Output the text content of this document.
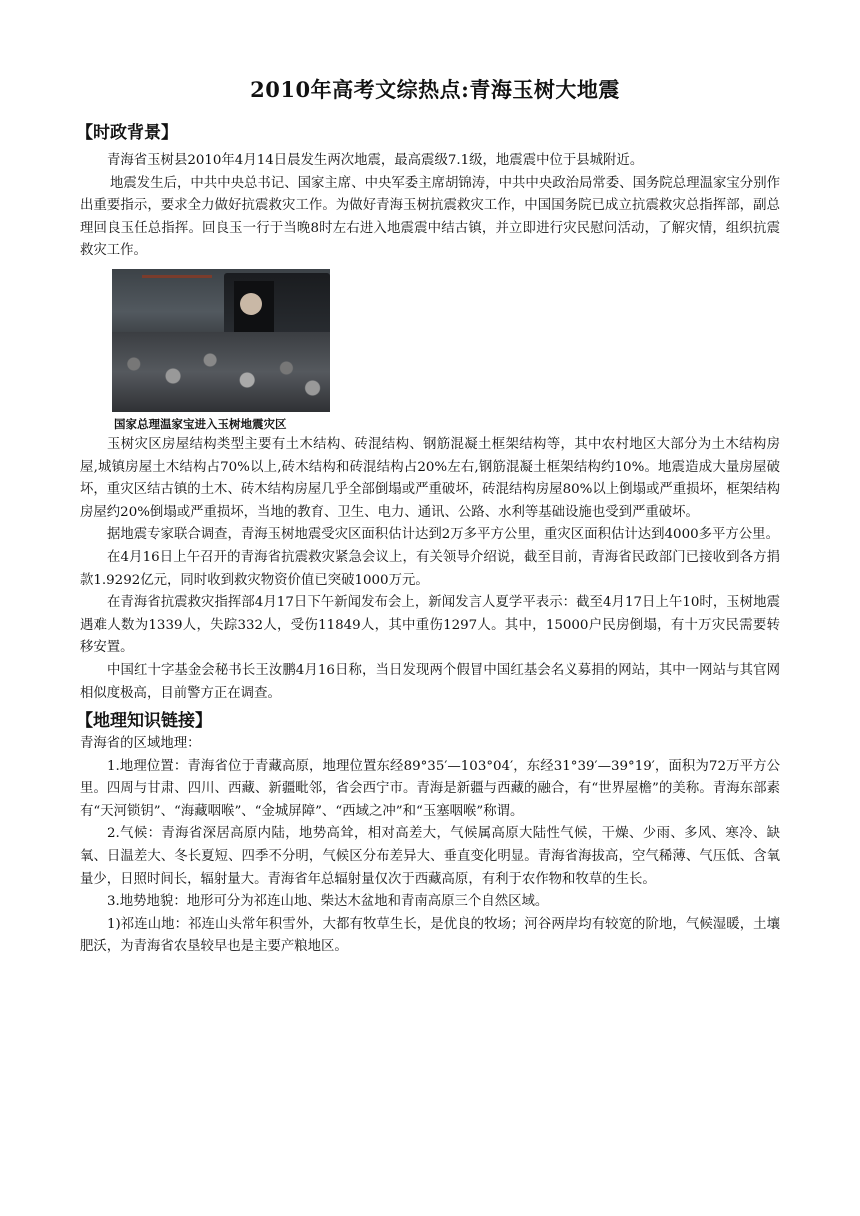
2010年高考文综热点:青海玉树大地震
【时政背景】

青海省玉树县2010年4月14日晨发生两次地震，最高震级7.1级，地震震中位于县城附近。

地震发生后，中共中央总书记、国家主席、中央军委主席胡锦涛，中共中央政治局常委、国务院总理温家宝分别作出重要指示，要求全力做好抗震救灾工作。为做好青海玉树抗震救灾工作，中国国务院已成立抗震救灾总指挥部，副总理回良玉任总指挥。回良玉一行于当晚8时左右进入地震震中结古镇，并立即进行灾民慰问活动，了解灾情，组织抗震救灾工作。

国家总理温家宝进入玉树地震灾区

玉树灾区房屋结构类型主要有土木结构、砖混结构、钢筋混凝土框架结构等，其中农村地区大部分为土木结构房屋,城镇房屋土木结构占70%以上,砖木结构和砖混结构占20%左右,钢筋混凝土框架结构约10%。地震造成大量房屋破坏，重灾区结古镇的土木、砖木结构房屋几乎全部倒塌或严重破坏，砖混结构房屋80%以上倒塌或严重损坏，框架结构房屋约20%倒塌或严重损坏，当地的教育、卫生、电力、通讯、公路、水利等基础设施也受到严重破坏。

据地震专家联合调查，青海玉树地震受灾区面积估计达到2万多平方公里，重灾区面积估计达到4000多平方公里。

在4月16日上午召开的青海省抗震救灾紧急会议上，有关领导介绍说，截至目前，青海省民政部门已接收到各方捐款1.9292亿元，同时收到救灾物资价值已突破1000万元。

在青海省抗震救灾指挥部4月17日下午新闻发布会上，新闻发言人夏学平表示：截至4月17日上午10时，玉树地震遇难人数为1339人，失踪332人，受伤11849人，其中重伤1297人。其中，15000户民房倒塌，有十万灾民需要转移安置。

中国红十字基金会秘书长王汝鹏4月16日称，当日发现两个假冒中国红基会名义募捐的网站，其中一网站与其官网相似度极高，目前警方正在调查。

【地理知识链接】

青海省的区域地理：

1.地理位置：青海省位于青藏高原，地理位置东经89°35′—103°04′，东经31°39′—39°19′，面积为72万平方公里。四周与甘肃、四川、西藏、新疆毗邻，省会西宁市。青海是新疆与西藏的融合，有“世界屋檐”的美称。青海东部素有“天河锁钥”、“海藏咽喉”、“金城屏障”、“西域之冲”和“玉塞咽喉”称谓。

2.气候：青海省深居高原内陆，地势高耸，相对高差大，气候属高原大陆性气候，干燥、少雨、多风、寒冷、缺氧、日温差大、冬长夏短、四季不分明，气候区分布差异大、垂直变化明显。青海省海拔高，空气稀薄、气压低、含氧量少，日照时间长，辐射量大。青海省年总辐射量仅次于西藏高原，有利于农作物和牧草的生长。

3.地势地貌：地形可分为祁连山地、柴达木盆地和青南高原三个自然区域。

1)祁连山地：祁连山头常年积雪外，大都有牧草生长，是优良的牧场；河谷两岸均有较宽的阶地，气候湿暖，土壤肥沃，为青海省农垦较早也是主要产粮地区。
